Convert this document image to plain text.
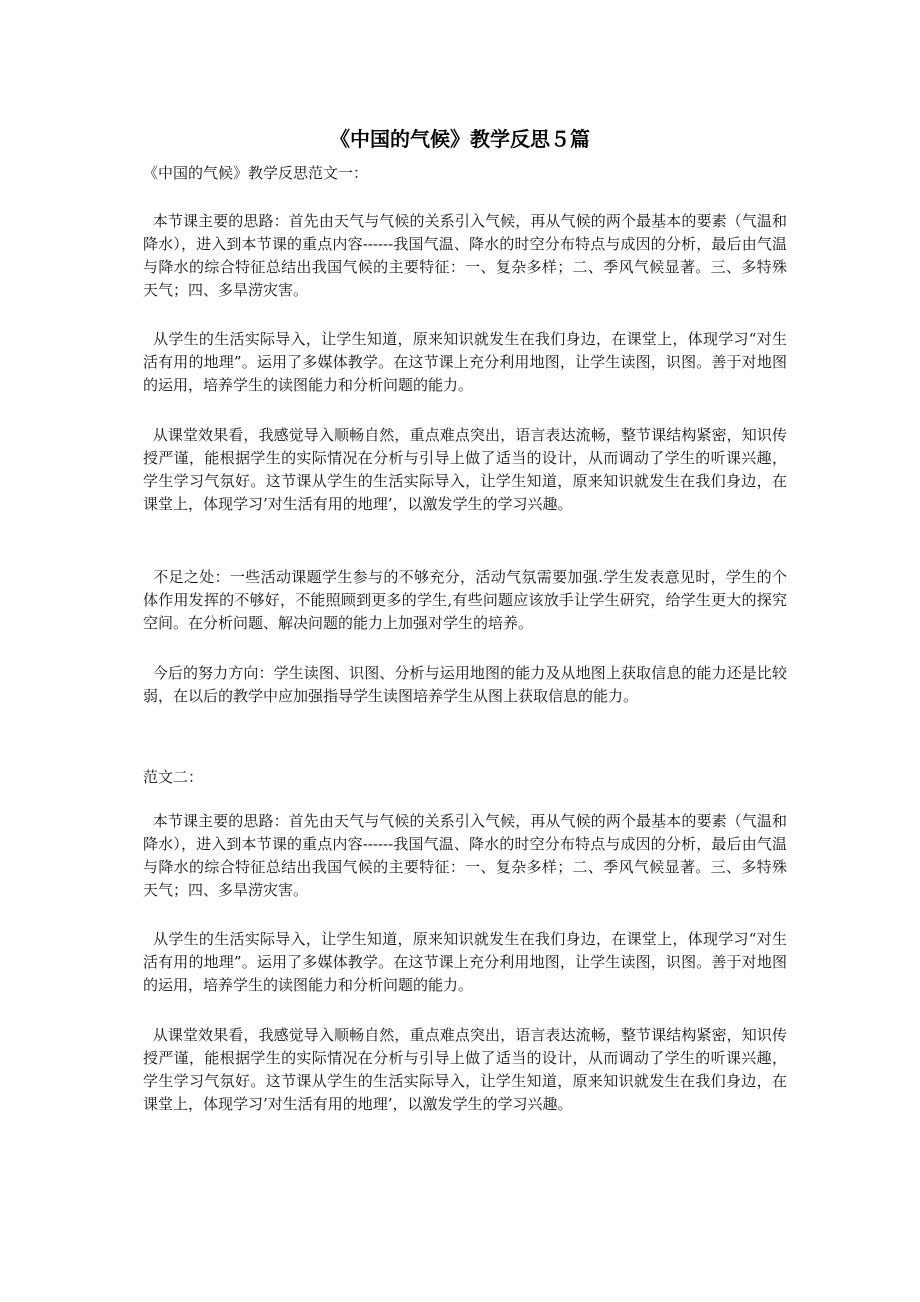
《中国的气候》教学反思５篇
《中国的气候》教学反思范文一：
本节课主要的思路：首先由天气与气候的关系引入气候，再从气候的两个最基本的要素（气温和降水），进入到本节课的重点内容------我国气温、降水的时空分布特点与成因的分析，最后由气温与降水的综合特征总结出我国气候的主要特征：一、复杂多样；二、季风气候显著。三、多特殊天气；四、多旱涝灾害。
从学生的生活实际导入，让学生知道，原来知识就发生在我们身边，在课堂上，体现学习“对生活有用的地理”。运用了多媒体教学。在这节课上充分利用地图，让学生读图，识图。善于对地图的运用，培养学生的读图能力和分析问题的能力。
从课堂效果看，我感觉导入顺畅自然，重点难点突出，语言表达流畅，整节课结构紧密，知识传授严谨，能根据学生的实际情况在分析与引导上做了适当的设计，从而调动了学生的听课兴趣，学生学习气氛好。这节课从学生的生活实际导入，让学生知道，原来知识就发生在我们身边，在课堂上，体现学习’对生活有用的地理’，以激发学生的学习兴趣。
不足之处：一些活动课题学生参与的不够充分，活动气氛需要加强.学生发表意见时，学生的个体作用发挥的不够好，不能照顾到更多的学生,有些问题应该放手让学生研究，给学生更大的探究空间。在分析问题、解决问题的能力上加强对学生的培养。
今后的努力方向：学生读图、识图、分析与运用地图的能力及从地图上获取信息的能力还是比较弱，在以后的教学中应加强指导学生读图培养学生从图上获取信息的能力。
范文二：
本节课主要的思路：首先由天气与气候的关系引入气候，再从气候的两个最基本的要素（气温和降水），进入到本节课的重点内容------我国气温、降水的时空分布特点与成因的分析，最后由气温与降水的综合特征总结出我国气候的主要特征：一、复杂多样；二、季风气候显著。三、多特殊天气；四、多旱涝灾害。
从学生的生活实际导入，让学生知道，原来知识就发生在我们身边，在课堂上，体现学习“对生活有用的地理”。运用了多媒体教学。在这节课上充分利用地图，让学生读图，识图。善于对地图的运用，培养学生的读图能力和分析问题的能力。
从课堂效果看，我感觉导入顺畅自然，重点难点突出，语言表达流畅，整节课结构紧密，知识传授严谨，能根据学生的实际情况在分析与引导上做了适当的设计，从而调动了学生的听课兴趣，学生学习气氛好。这节课从学生的生活实际导入，让学生知道，原来知识就发生在我们身边，在课堂上，体现学习’对生活有用的地理’，以激发学生的学习兴趣。
